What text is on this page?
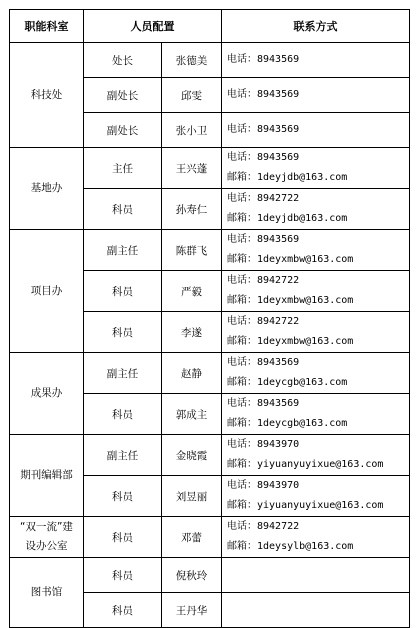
职能科室	人员配置		联系方式
科技处	处长	张德美	电话：8943569

	副处长	邱雯	电话：8943569

	副处长	张小卫	电话：8943569

基地办	主任	王兴蓬	电话：8943569
邮箱：1deyjdb@163.com

	科员	孙寿仁	电话：8942722
邮箱：1deyjdb@163.com

项目办	副主任	陈群飞	电话：8943569
邮箱：1deyxmbw@163.com

	科员	严毅	电话：8942722
邮箱：1deyxmbw@163.com

	科员	李遂	电话：8942722
邮箱：1deyxmbw@163.com

成果办	副主任	赵静	电话：8943569
邮箱：1deycgb@163.com

	科员	郭成主	电话：8943569
邮箱：1deycgb@163.com

期刊编辑部	副主任	金晓霞	电话：8943970
邮箱：yiyuanyuyixue@163.com

	科员	刘昱丽	电话：8943970
邮箱：yiyuanyuyixue@163.com

“双一流”建设办公室	科员	邓蕾	电话：8942722
邮箱：1deysylb@163.com

图书馆	科员	倪秋玲	

	科员	王丹华	
